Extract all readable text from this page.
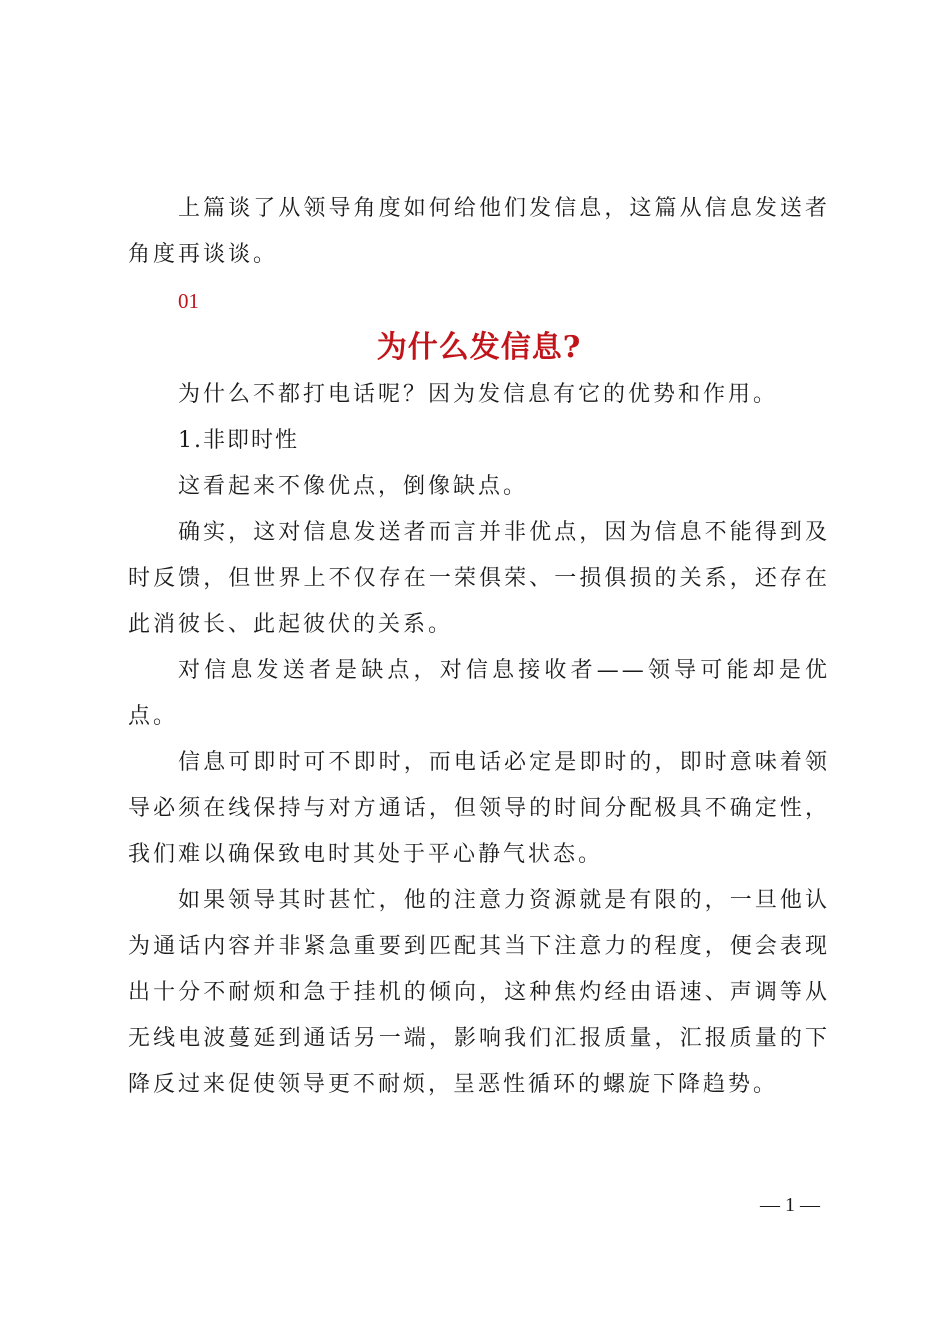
上篇谈了从领导角度如何给他们发信息，这篇从信息发送者角度再谈谈。

01

为什么发信息?

为什么不都打电话呢？因为发信息有它的优势和作用。

1.非即时性

这看起来不像优点，倒像缺点。

确实，这对信息发送者而言并非优点，因为信息不能得到及时反馈，但世界上不仅存在一荣俱荣、一损俱损的关系，还存在此消彼长、此起彼伏的关系。

对信息发送者是缺点，对信息接收者——领导可能却是优点。

信息可即时可不即时，而电话必定是即时的，即时意味着领导必须在线保持与对方通话，但领导的时间分配极具不确定性，我们难以确保致电时其处于平心静气状态。

如果领导其时甚忙，他的注意力资源就是有限的，一旦他认为通话内容并非紧急重要到匹配其当下注意力的程度，便会表现出十分不耐烦和急于挂机的倾向，这种焦灼经由语速、声调等从无线电波蔓延到通话另一端，影响我们汇报质量，汇报质量的下降反过来促使领导更不耐烦，呈恶性循环的螺旋下降趋势。

— 1 —
